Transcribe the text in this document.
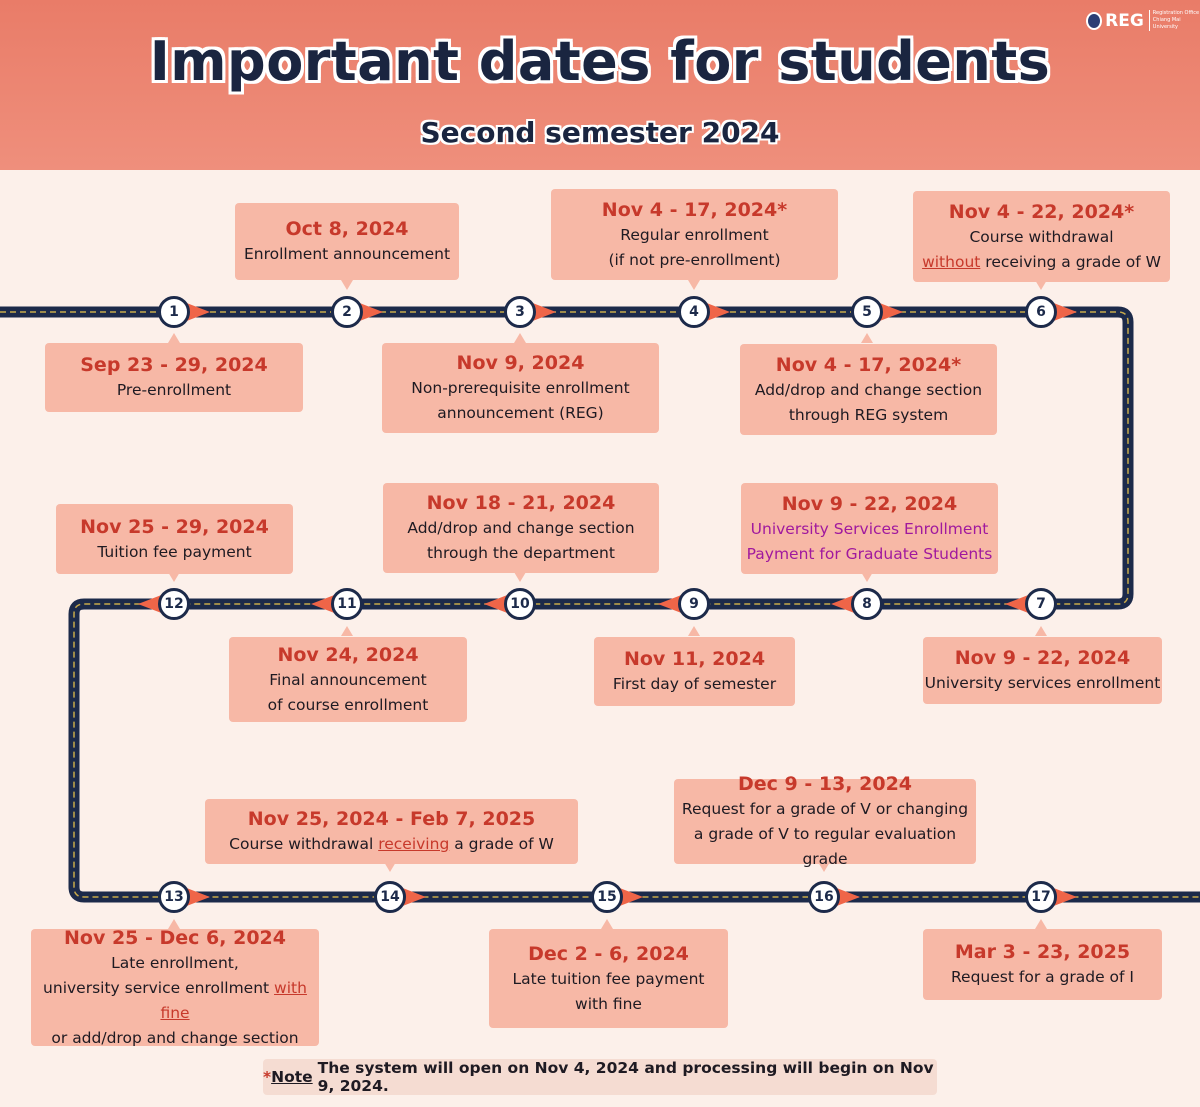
Important dates for students
Second semester 2024
REG Registration Office
Chiang Mai University
Sep 23 - 29, 2024
Pre-enrollment
Oct 8, 2024
Enrollment announcement
Nov 9, 2024
Non-prerequisite enrollment
announcement (REG)
Nov 4 - 17, 2024*
Regular enrollment
(if not pre-enrollment)
Nov 4 - 17, 2024*
Add/drop and change section
through REG system
Nov 4 - 22, 2024*
Course withdrawal
without receiving a grade of W
Nov 9 - 22, 2024
University services enrollment
Nov 9 - 22, 2024
University Services Enrollment
Payment for Graduate Students
Nov 11, 2024
First day of semester
Nov 18 - 21, 2024
Add/drop and change section
through the department
Nov 24, 2024
Final announcement
of course enrollment
Nov 25 - 29, 2024
Tuition fee payment
Nov 25 - Dec 6, 2024
Late enrollment,
university service enrollment with fine
or add/drop and change section
Nov 25, 2024 - Feb 7, 2025
Course withdrawal receiving a grade of W
Dec 2 - 6, 2024
Late tuition fee payment
with fine
Dec 9 - 13, 2024
Request for a grade of V or changing
a grade of V to regular evaluation grade
Mar 3 - 23, 2025
Request for a grade of I
1	2	3	4	5	6
7
8
9
10
11
12
13	14	15	16	17
* Note The system will open on Nov 4, 2024 and processing will begin on Nov 9, 2024.
